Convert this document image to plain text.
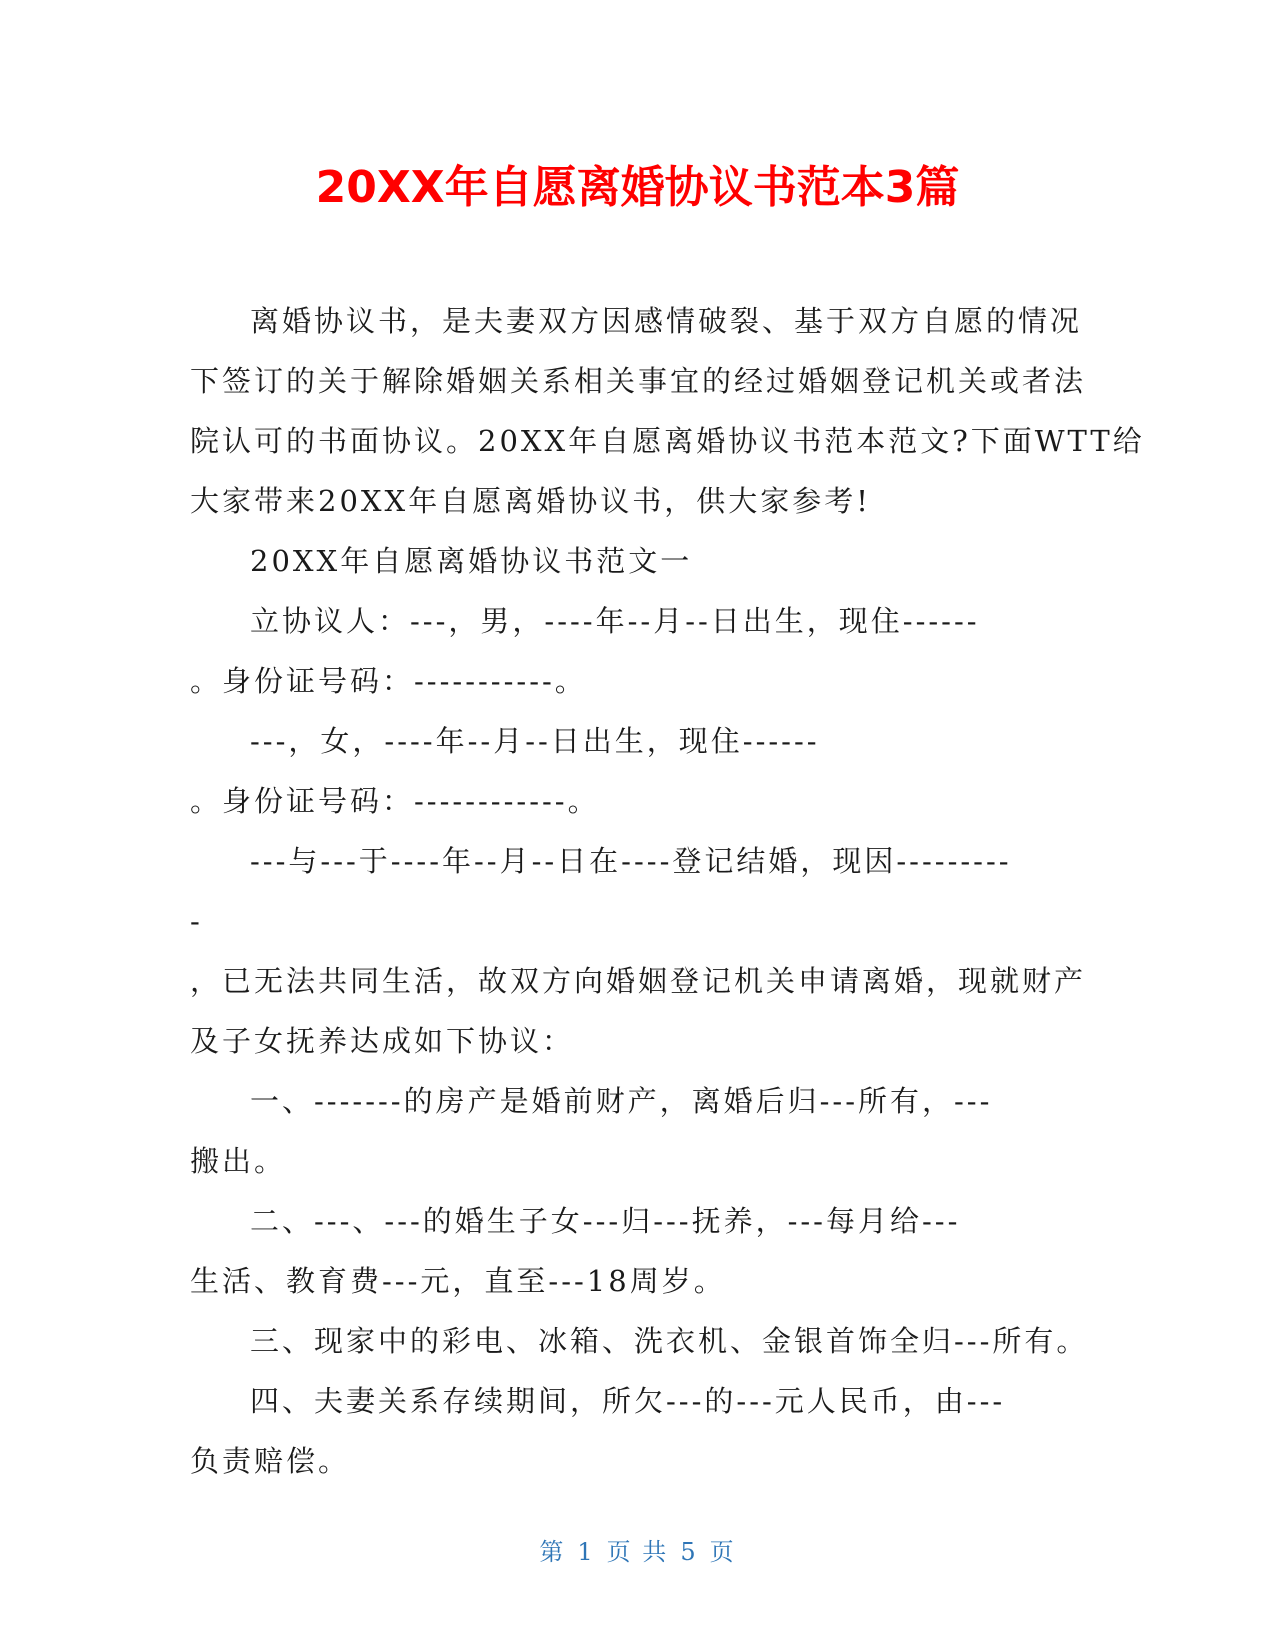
20XX年自愿离婚协议书范本3篇
离婚协议书，是夫妻双方因感情破裂、基于双方自愿的情况
下签订的关于解除婚姻关系相关事宜的经过婚姻登记机关或者法
院认可的书面协议。20XX年自愿离婚协议书范本范文?下面WTT给
大家带来20XX年自愿离婚协议书，供大家参考!
20XX年自愿离婚协议书范文一
立协议人：---，男，----年--月--日出生，现住------
。身份证号码：-----------。
---，女，----年--月--日出生，现住------
。身份证号码：------------。
---与---于----年--月--日在----登记结婚，现因---------
-
，已无法共同生活，故双方向婚姻登记机关申请离婚，现就财产
及子女抚养达成如下协议：
一、-------的房产是婚前财产，离婚后归---所有，---
搬出。
二、---、---的婚生子女---归---抚养，---每月给---
生活、教育费---元，直至---18周岁。
三、现家中的彩电、冰箱、洗衣机、金银首饰全归---所有。
四、夫妻关系存续期间，所欠---的---元人民币，由---
负责赔偿。
第 1 页 共 5 页
